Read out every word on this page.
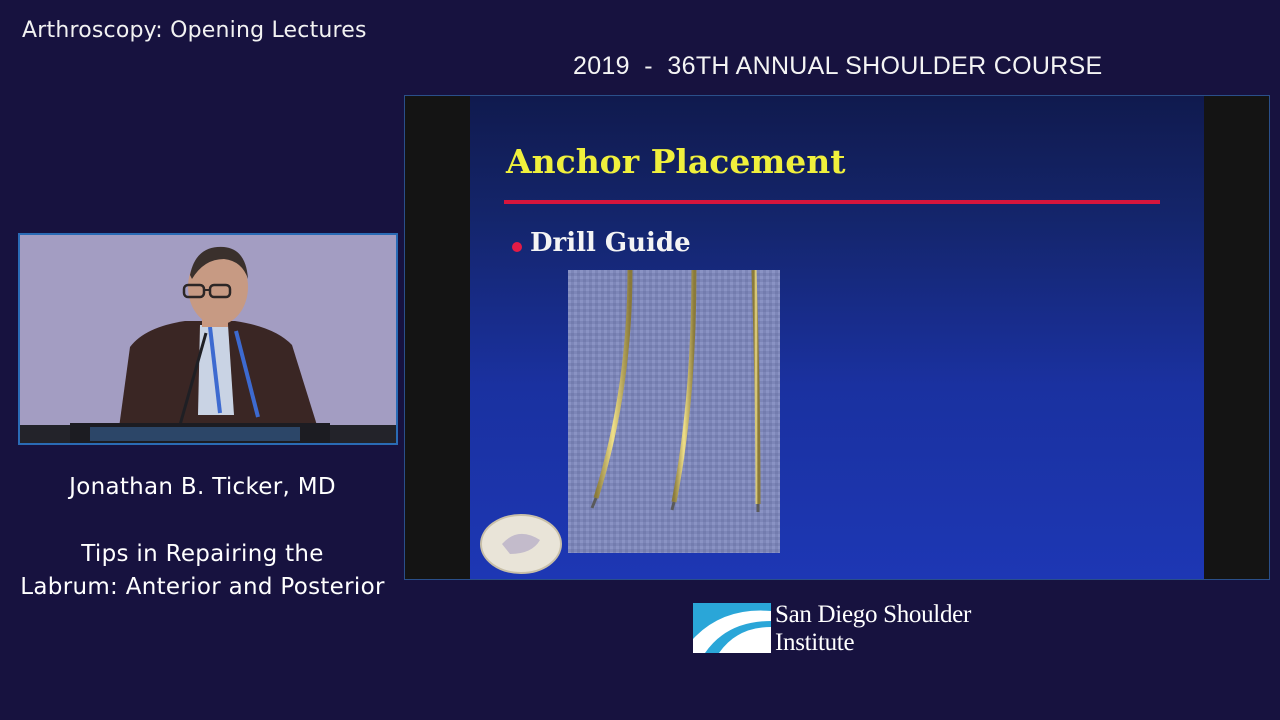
Arthroscopy: Opening Lectures
2019  -  36TH ANNUAL SHOULDER COURSE
Jonathan B. Ticker, MD
Tips in Repairing the
Labrum: Anterior and Posterior
Anchor Placement
Drill Guide
San Diego Shoulder
Institute
